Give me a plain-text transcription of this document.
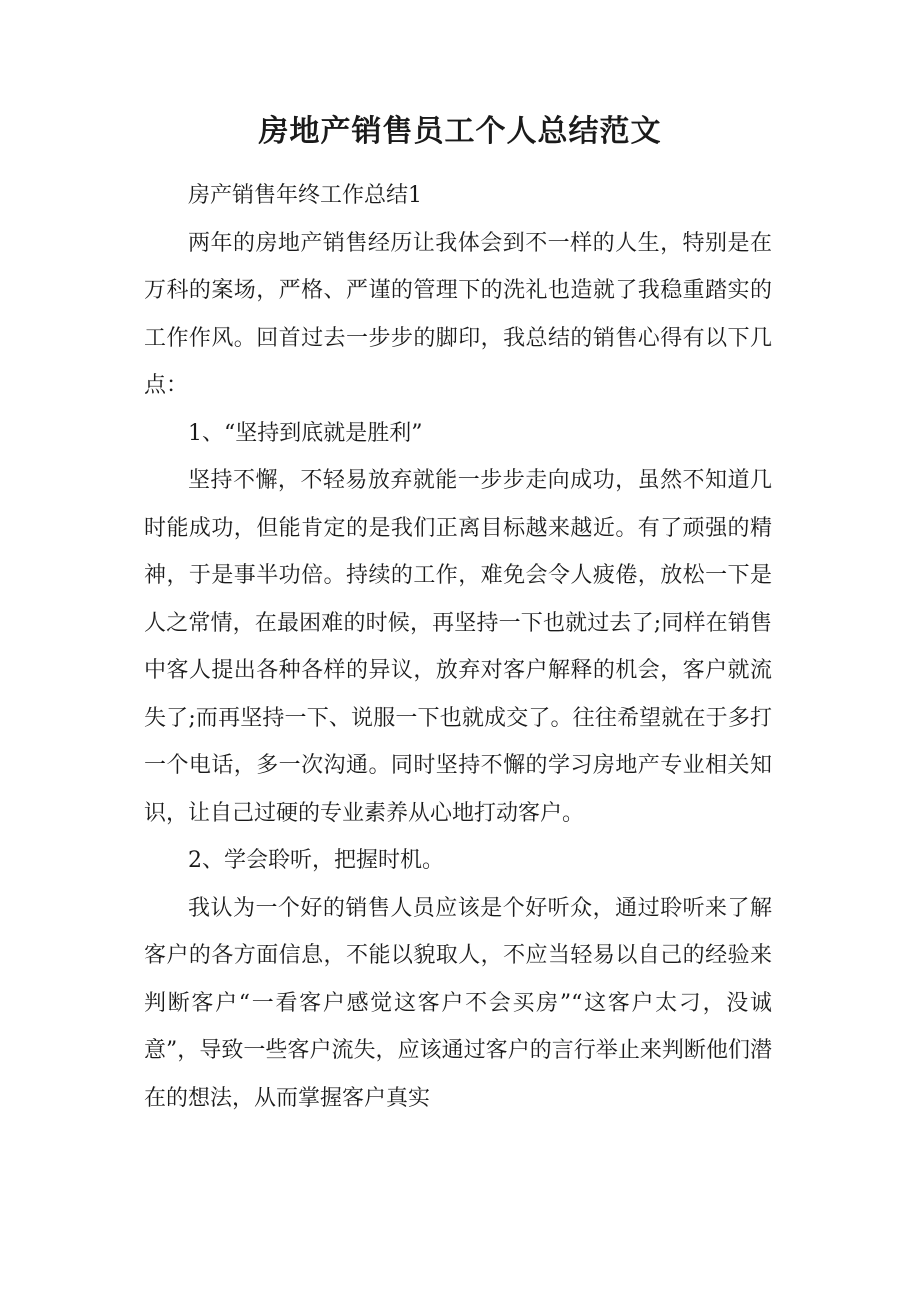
房地产销售员工个人总结范文

房产销售年终工作总结1

两年的房地产销售经历让我体会到不一样的人生，特别是在万科的案场，严格、严谨的管理下的洗礼也造就了我稳重踏实的工作作风。回首过去一步步的脚印，我总结的销售心得有以下几点：

1、“坚持到底就是胜利”

坚持不懈，不轻易放弃就能一步步走向成功，虽然不知道几时能成功，但能肯定的是我们正离目标越来越近。有了顽强的精神，于是事半功倍。持续的工作，难免会令人疲倦，放松一下是人之常情，在最困难的时候，再坚持一下也就过去了;同样在销售中客人提出各种各样的异议，放弃对客户解释的机会，客户就流失了;而再坚持一下、说服一下也就成交了。往往希望就在于多打一个电话，多一次沟通。同时坚持不懈的学习房地产专业相关知识，让自己过硬的专业素养从心地打动客户。

2、学会聆听，把握时机。

我认为一个好的销售人员应该是个好听众，通过聆听来了解客户的各方面信息，不能以貌取人，不应当轻易以自己的经验来判断客户“一看客户感觉这客户不会买房”“这客户太刁，没诚意”，导致一些客户流失，应该通过客户的言行举止来判断他们潜在的想法，从而掌握客户真实
